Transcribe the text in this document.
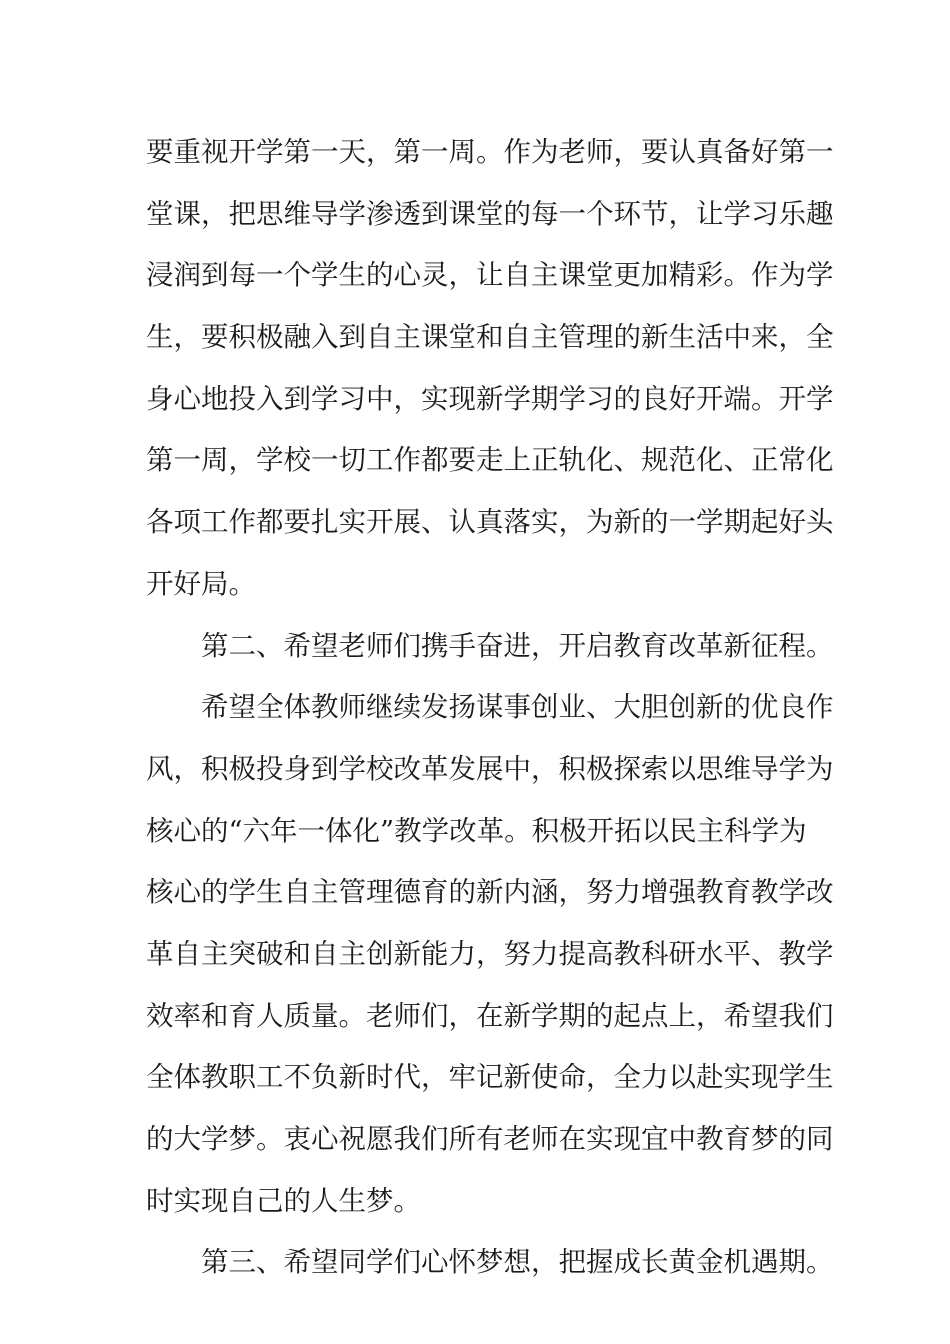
要重视开学第一天，第一周。作为老师，要认真备好第一
堂课，把思维导学渗透到课堂的每一个环节，让学习乐趣
浸润到每一个学生的心灵，让自主课堂更加精彩。作为学
生，要积极融入到自主课堂和自主管理的新生活中来，全
身心地投入到学习中，实现新学期学习的良好开端。开学
第一周，学校一切工作都要走上正轨化、规范化、正常化
各项工作都要扎实开展、认真落实，为新的一学期起好头
开好局。
第二、希望老师们携手奋进，开启教育改革新征程。
希望全体教师继续发扬谋事创业、大胆创新的优良作
风，积极投身到学校改革发展中，积极探索以思维导学为
核心的“六年一体化”教学改革。积极开拓以民主科学为
核心的学生自主管理德育的新内涵，努力增强教育教学改
革自主突破和自主创新能力，努力提高教科研水平、教学
效率和育人质量。老师们，在新学期的起点上，希望我们
全体教职工不负新时代，牢记新使命，全力以赴实现学生
的大学梦。衷心祝愿我们所有老师在实现宜中教育梦的同
时实现自己的人生梦。
第三、希望同学们心怀梦想，把握成长黄金机遇期。
